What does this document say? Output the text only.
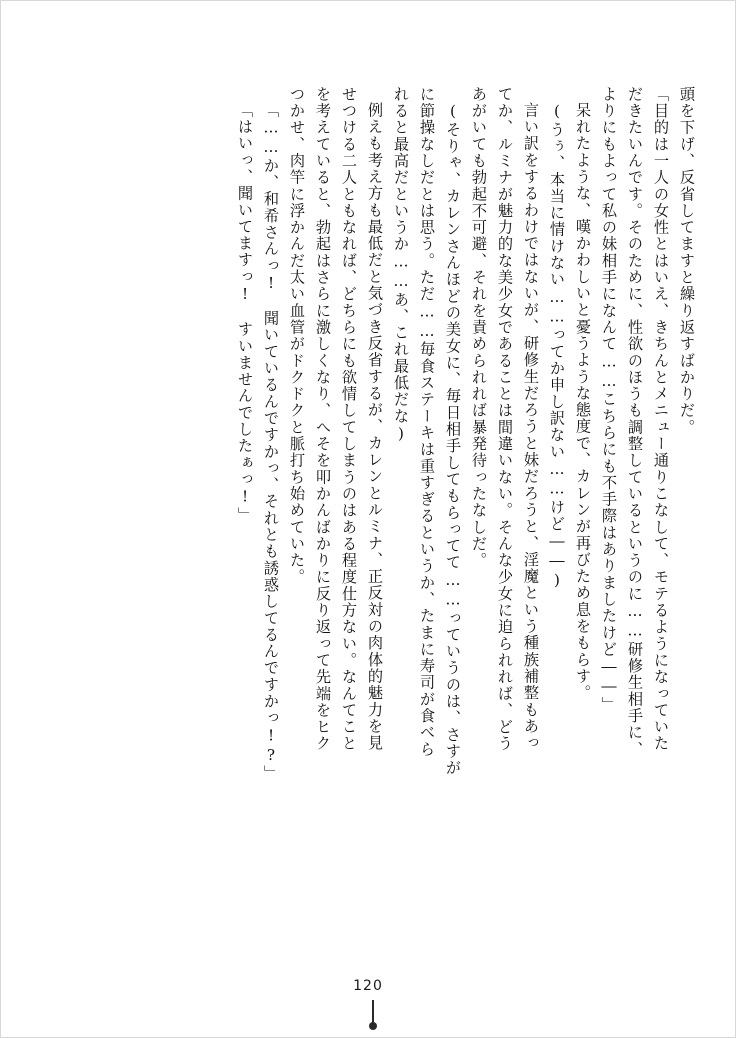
頭を下げ、反省してますと繰り返すばかりだ。
「目的は一人の女性とはいえ、きちんとメニュー通りこなして、モテるようになっていた
だきたいんです。そのために、性欲のほうも調整しているというのに……研修生相手に、
よりにもよって私の妹相手になんて……こちらにも不手際はありましたけど――」
呆れたような、嘆かわしいと憂うような態度で、カレンが再びため息をもらす。
(うぅ、本当に情けない……ってか申し訳ない……けど――)
言い訳をするわけではないが、研修生だろうと妹だろうと、淫魔という種族補整もあっ
てか、ルミナが魅力的な美少女であることは間違いない。そんな少女に迫られれば、どう
あがいても勃起不可避、それを責められれば暴発待ったなしだ。
(そりゃ、カレンさんほどの美女に、毎日相手してもらってて……っていうのは、さすが
に節操なしだとは思う。ただ……毎食ステーキは重すぎるというか、たまに寿司が食べら
れると最高だというか……あ、これ最低だな)
例えも考え方も最低だと気づき反省するが、カレンとルミナ、正反対の肉体的魅力を見
せつける二人ともなれば、どちらにも欲情してしまうのはある程度仕方ない。なんてこと
を考えていると、勃起はさらに激しくなり、へそを叩かんばかりに反り返って先端をヒク
つかせ、肉竿に浮かんだ太い血管がドクドクと脈打ち始めていた。
「……か、和希さんっ!　聞いているんですかっ、それとも誘惑してるんですかっ!?」
「はいっ、聞いてますっ!　すいませんでしたぁっ!」
120
